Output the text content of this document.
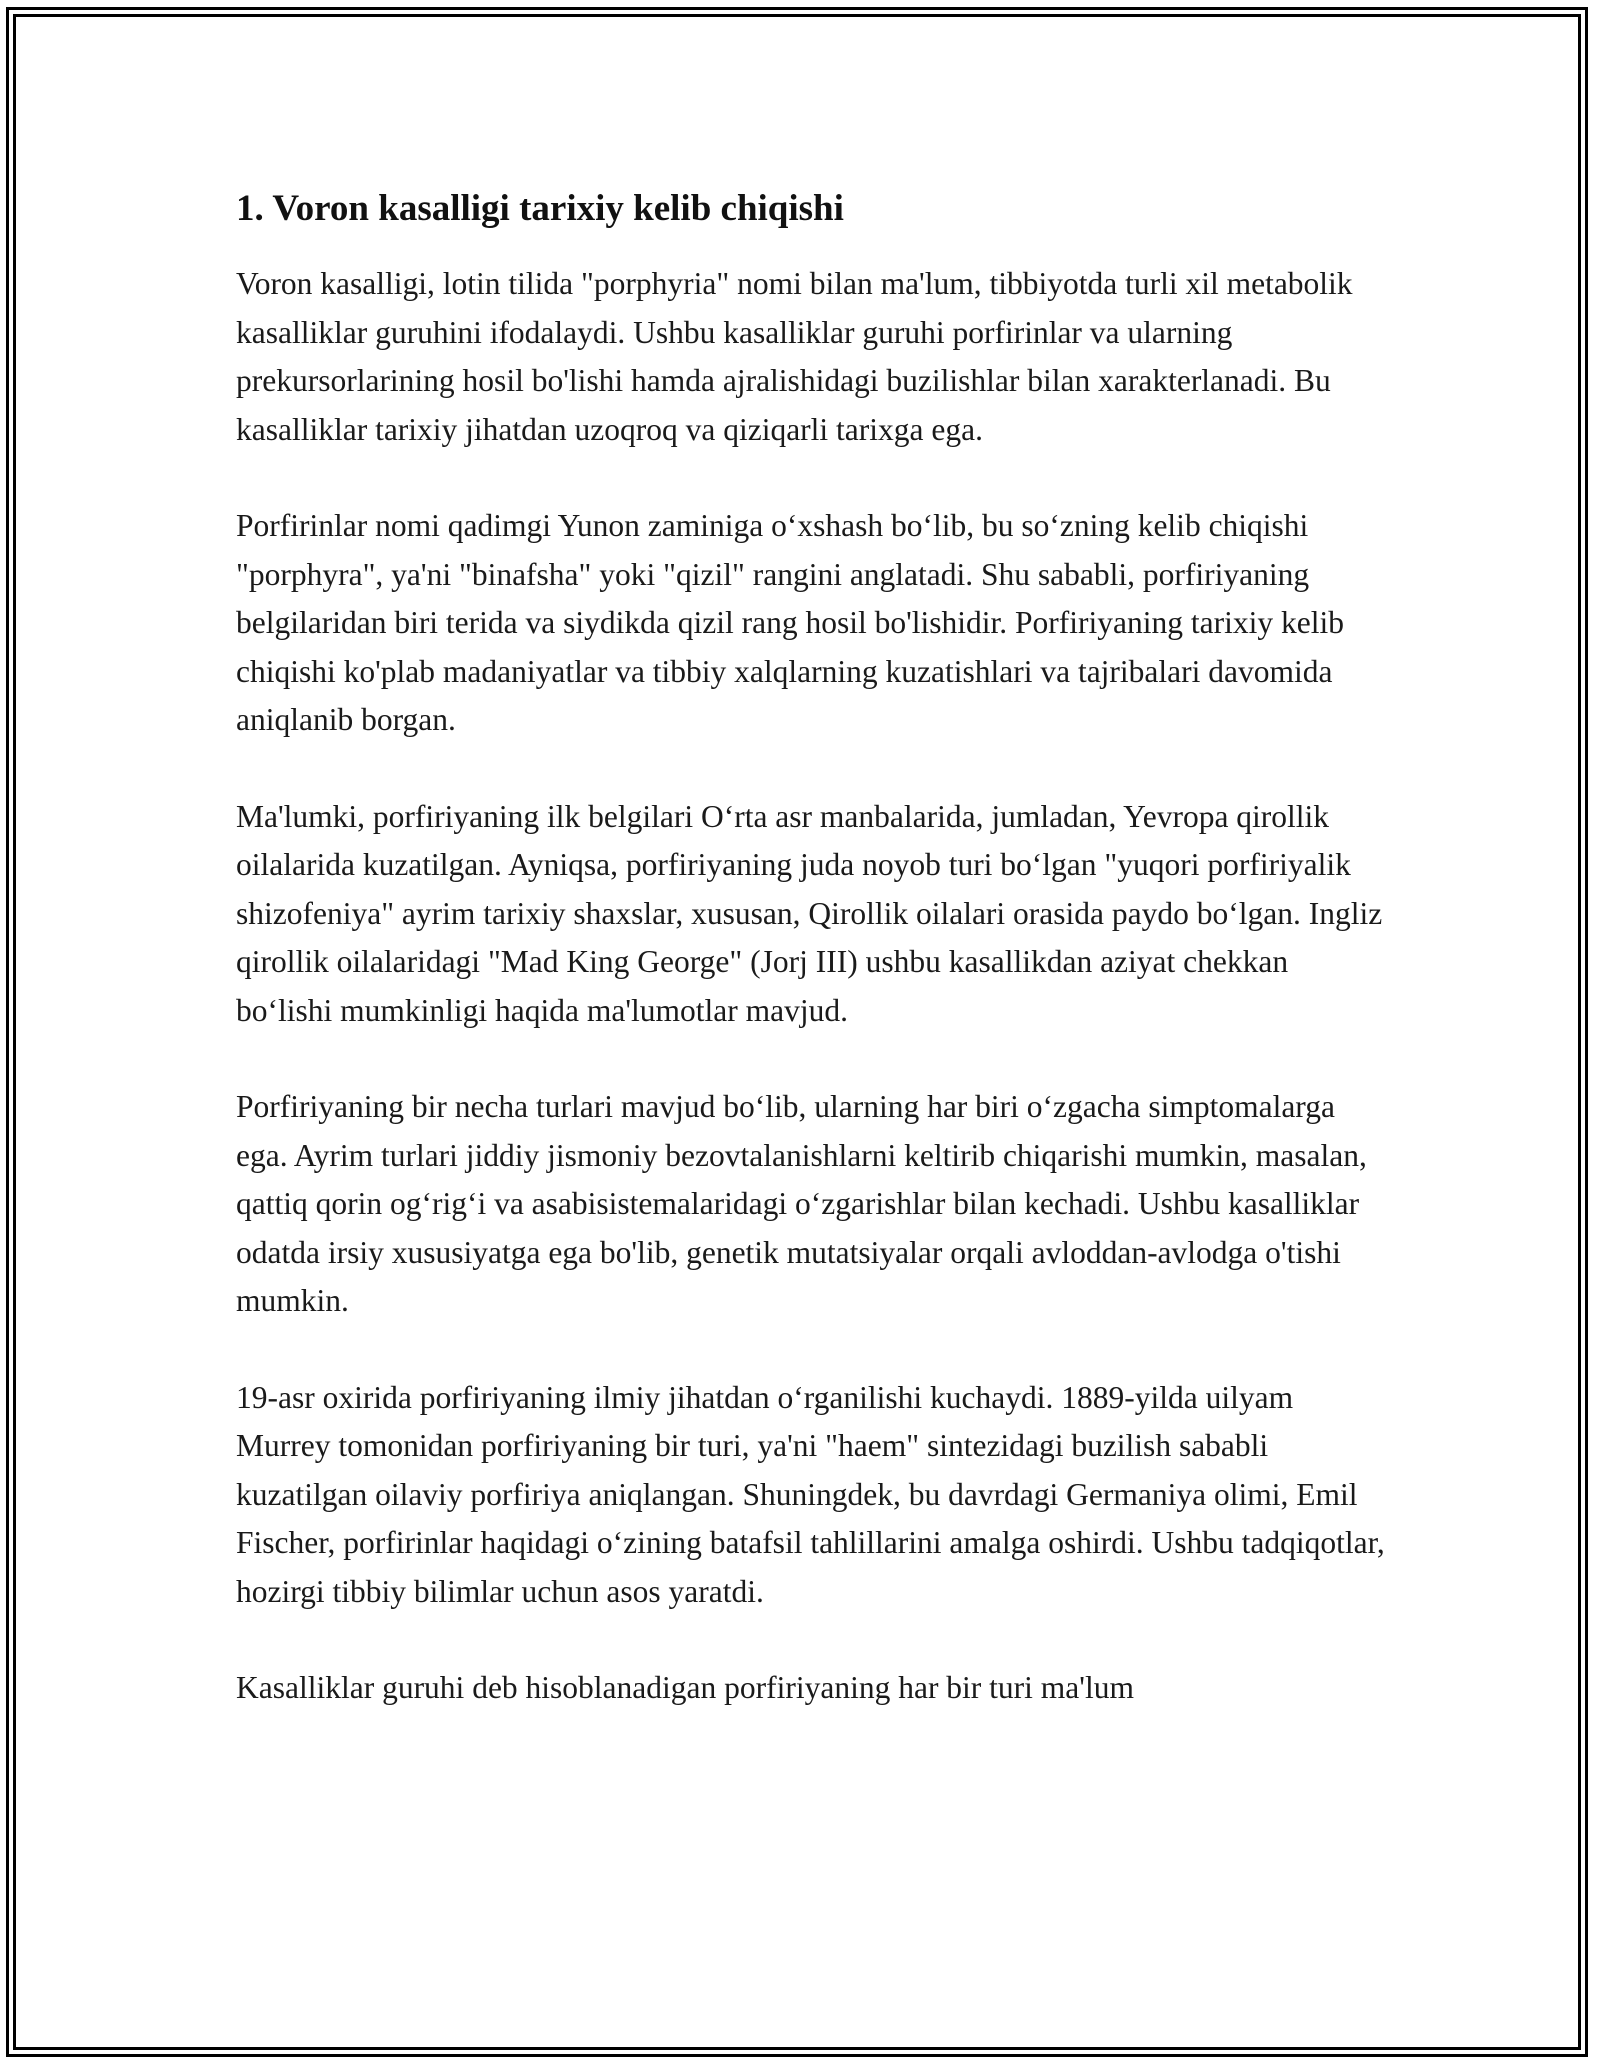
1. Voron kasalligi tarixiy kelib chiqishi

Voron kasalligi, lotin tilida "porphyria" nomi bilan ma'lum, tibbiyotda turli xil metabolik kasalliklar guruhini ifodalaydi. Ushbu kasalliklar guruhi porfirinlar va ularning prekursorlarining hosil bo'lishi hamda ajralishidagi buzilishlar bilan xarakterlanadi. Bu kasalliklar tarixiy jihatdan uzoqroq va qiziqarli tarixga ega.

Porfirinlar nomi qadimgi Yunon zaminiga o‘xshash bo‘lib, bu so‘zning kelib chiqishi "porphyra", ya'ni "binafsha" yoki "qizil" rangini anglatadi. Shu sababli, porfiriyaning belgilaridan biri terida va siydikda qizil rang hosil bo'lishidir. Porfiriyaning tarixiy kelib chiqishi ko'plab madaniyatlar va tibbiy xalqlarning kuzatishlari va tajribalari davomida aniqlanib borgan.

Ma'lumki, porfiriyaning ilk belgilari O‘rta asr manbalarida, jumladan, Yevropa qirollik oilalarida kuzatilgan. Ayniqsa, porfiriyaning juda noyob turi bo‘lgan "yuqori porfiriyalik shizofeniya" ayrim tarixiy shaxslar, xususan, Qirollik oilalari orasida paydo bo‘lgan. Ingliz qirollik oilalaridagi "Mad King George" (Jorj III) ushbu kasallikdan aziyat chekkan bo‘lishi mumkinligi haqida ma'lumotlar mavjud.

Porfiriyaning bir necha turlari mavjud bo‘lib, ularning har biri o‘zgacha simptomalarga ega. Ayrim turlari jiddiy jismoniy bezovtalanishlarni keltirib chiqarishi mumkin, masalan, qattiq qorin og‘rig‘i va asabisistemalaridagi o‘zgarishlar bilan kechadi. Ushbu kasalliklar odatda irsiy xususiyatga ega bo'lib, genetik mutatsiyalar orqali avloddan-avlodga o'tishi mumkin.

19-asr oxirida porfiriyaning ilmiy jihatdan o‘rganilishi kuchaydi. 1889-yilda uilyam Murrey tomonidan porfiriyaning bir turi, ya'ni "haem" sintezidagi buzilish sababli kuzatilgan oilaviy porfiriya aniqlangan. Shuningdek, bu davrdagi Germaniya olimi, Emil Fischer, porfirinlar haqidagi o‘zining batafsil tahlillarini amalga oshirdi. Ushbu tadqiqotlar, hozirgi tibbiy bilimlar uchun asos yaratdi.

Kasalliklar guruhi deb hisoblanadigan porfiriyaning har bir turi ma'lum
